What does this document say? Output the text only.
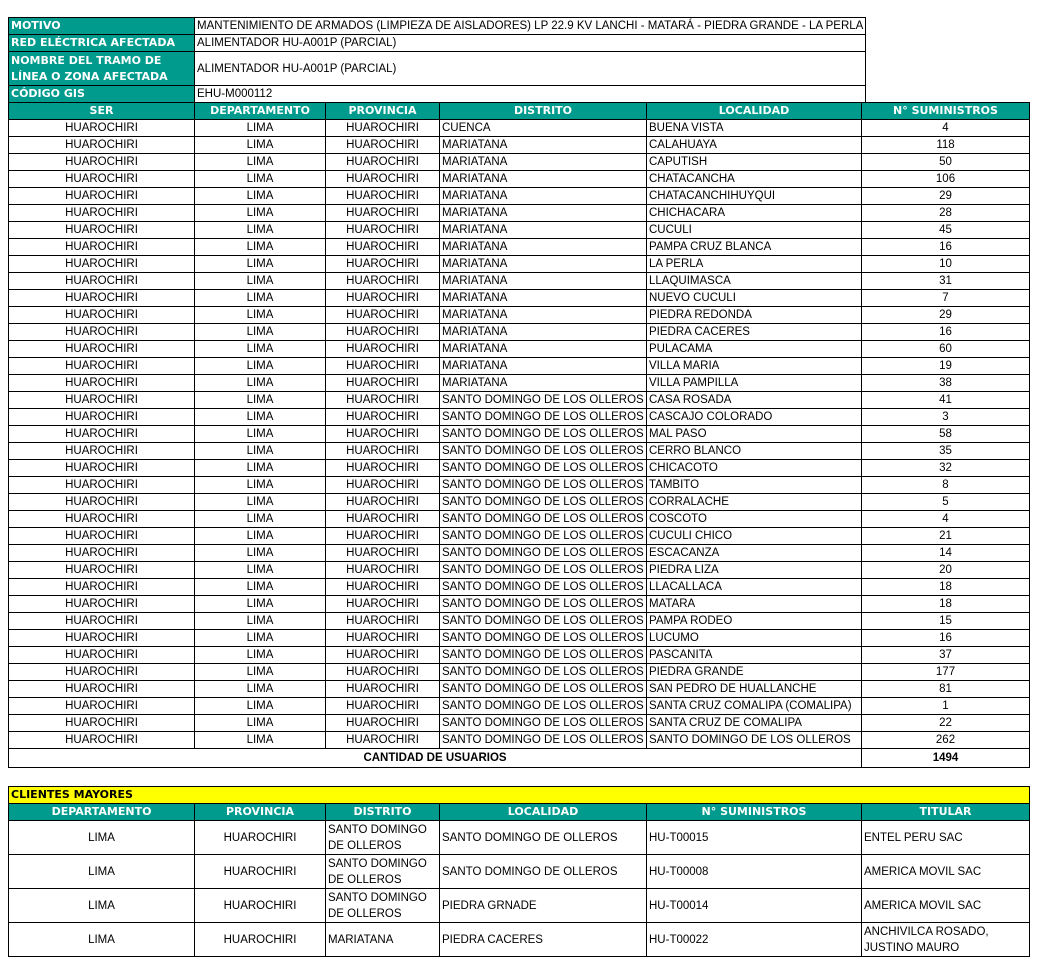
MOTIVO	MANTENIMIENTO DE ARMADOS (LIMPIEZA DE AISLADORES) LP 22.9 KV LANCHI - MATARÁ - PIEDRA GRANDE - LA PERLA
RED ELÉCTRICA AFECTADA	ALIMENTADOR HU-A001P (PARCIAL)
NOMBRE DEL TRAMO DE LÍNEA O ZONA AFECTADA	ALIMENTADOR HU-A001P (PARCIAL)
CÓDIGO GIS	EHU-M000112
SER	DEPARTAMENTO	PROVINCIA	DISTRITO	LOCALIDAD	N° SUMINISTROS
HUAROCHIRI	LIMA	HUAROCHIRI	CUENCA	BUENA VISTA	4
HUAROCHIRI	LIMA	HUAROCHIRI	MARIATANA	CALAHUAYA	118
HUAROCHIRI	LIMA	HUAROCHIRI	MARIATANA	CAPUTISH	50
HUAROCHIRI	LIMA	HUAROCHIRI	MARIATANA	CHATACANCHA	106
HUAROCHIRI	LIMA	HUAROCHIRI	MARIATANA	CHATACANCHIHUYQUI	29
HUAROCHIRI	LIMA	HUAROCHIRI	MARIATANA	CHICHACARA	28
HUAROCHIRI	LIMA	HUAROCHIRI	MARIATANA	CUCULI	45
HUAROCHIRI	LIMA	HUAROCHIRI	MARIATANA	PAMPA CRUZ BLANCA	16
HUAROCHIRI	LIMA	HUAROCHIRI	MARIATANA	LA PERLA	10
HUAROCHIRI	LIMA	HUAROCHIRI	MARIATANA	LLAQUIMASCA	31
HUAROCHIRI	LIMA	HUAROCHIRI	MARIATANA	NUEVO CUCULI	7
HUAROCHIRI	LIMA	HUAROCHIRI	MARIATANA	PIEDRA REDONDA	29
HUAROCHIRI	LIMA	HUAROCHIRI	MARIATANA	PIEDRA CACERES	16
HUAROCHIRI	LIMA	HUAROCHIRI	MARIATANA	PULACAMA	60
HUAROCHIRI	LIMA	HUAROCHIRI	MARIATANA	VILLA MARIA	19
HUAROCHIRI	LIMA	HUAROCHIRI	MARIATANA	VILLA PAMPILLA	38
HUAROCHIRI	LIMA	HUAROCHIRI	SANTO DOMINGO DE LOS OLLEROS	CASA ROSADA	41
HUAROCHIRI	LIMA	HUAROCHIRI	SANTO DOMINGO DE LOS OLLEROS	CASCAJO COLORADO	3
HUAROCHIRI	LIMA	HUAROCHIRI	SANTO DOMINGO DE LOS OLLEROS	MAL PASO	58
HUAROCHIRI	LIMA	HUAROCHIRI	SANTO DOMINGO DE LOS OLLEROS	CERRO BLANCO	35
HUAROCHIRI	LIMA	HUAROCHIRI	SANTO DOMINGO DE LOS OLLEROS	CHICACOTO	32
HUAROCHIRI	LIMA	HUAROCHIRI	SANTO DOMINGO DE LOS OLLEROS	TAMBITO	8
HUAROCHIRI	LIMA	HUAROCHIRI	SANTO DOMINGO DE LOS OLLEROS	CORRALACHE	5
HUAROCHIRI	LIMA	HUAROCHIRI	SANTO DOMINGO DE LOS OLLEROS	COSCOTO	4
HUAROCHIRI	LIMA	HUAROCHIRI	SANTO DOMINGO DE LOS OLLEROS	CUCULI CHICO	21
HUAROCHIRI	LIMA	HUAROCHIRI	SANTO DOMINGO DE LOS OLLEROS	ESCACANZA	14
HUAROCHIRI	LIMA	HUAROCHIRI	SANTO DOMINGO DE LOS OLLEROS	PIEDRA LIZA	20
HUAROCHIRI	LIMA	HUAROCHIRI	SANTO DOMINGO DE LOS OLLEROS	LLACALLACA	18
HUAROCHIRI	LIMA	HUAROCHIRI	SANTO DOMINGO DE LOS OLLEROS	MATARA	18
HUAROCHIRI	LIMA	HUAROCHIRI	SANTO DOMINGO DE LOS OLLEROS	PAMPA RODEO	15
HUAROCHIRI	LIMA	HUAROCHIRI	SANTO DOMINGO DE LOS OLLEROS	LUCUMO	16
HUAROCHIRI	LIMA	HUAROCHIRI	SANTO DOMINGO DE LOS OLLEROS	PASCANITA	37
HUAROCHIRI	LIMA	HUAROCHIRI	SANTO DOMINGO DE LOS OLLEROS	PIEDRA GRANDE	177
HUAROCHIRI	LIMA	HUAROCHIRI	SANTO DOMINGO DE LOS OLLEROS	SAN PEDRO DE HUALLANCHE	81
HUAROCHIRI	LIMA	HUAROCHIRI	SANTO DOMINGO DE LOS OLLEROS	SANTA CRUZ COMALIPA (COMALIPA)	1
HUAROCHIRI	LIMA	HUAROCHIRI	SANTO DOMINGO DE LOS OLLEROS	SANTA CRUZ DE COMALIPA	22
HUAROCHIRI	LIMA	HUAROCHIRI	SANTO DOMINGO DE LOS OLLEROS	SANTO DOMINGO DE LOS OLLEROS	262
CANTIDAD DE USUARIOS					1494
CLIENTES MAYORES					
DEPARTAMENTO	PROVINCIA	DISTRITO	LOCALIDAD	N° SUMINISTROS	TITULAR
LIMA	HUAROCHIRI	SANTO DOMINGO DE OLLEROS	SANTO DOMINGO DE OLLEROS	HU-T00015	ENTEL PERU SAC
LIMA	HUAROCHIRI	SANTO DOMINGO DE OLLEROS	SANTO DOMINGO DE OLLEROS	HU-T00008	AMERICA MOVIL SAC
LIMA	HUAROCHIRI	SANTO DOMINGO DE OLLEROS	PIEDRA GRNADE	HU-T00014	AMERICA MOVIL SAC
LIMA	HUAROCHIRI	MARIATANA	PIEDRA CACERES	HU-T00022	ANCHIVILCA ROSADO, JUSTINO MAURO
